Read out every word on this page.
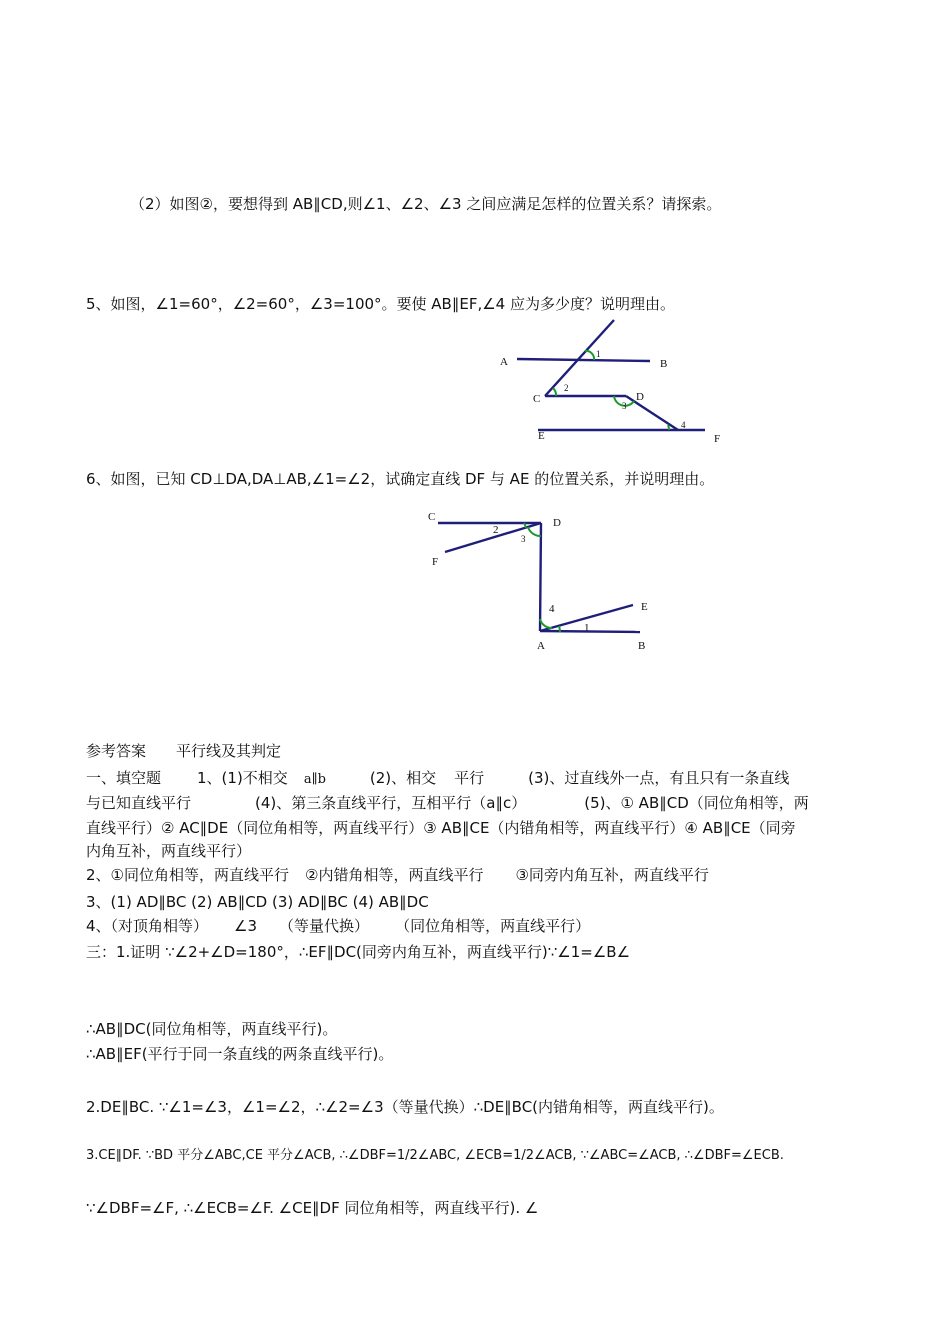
（2）如图②，要想得到 AB∥CD,则∠1、∠2、∠3 之间应满足怎样的位置关系？请探索。
5、如图，∠1=60°，∠2=60°，∠3=100°。要使 AB∥EF,∠4 应为多少度？说明理由。
A	B
C	D
E	F
1
2
3
4
6、如图，已知 CD⊥DA,DA⊥AB,∠1=∠2，试确定直线 DF 与 AE 的位置关系，并说明理由。
C	D
F
E
A	B
2
3
4
1
参考答案 平行线及其判定
一、填空题 1、(1)不相交 a∥b	(2)、相交 平行	(3)、过直线外一点，有且只有一条直线
与已知直线平行	(4)、第三条直线平行，互相平行（a∥c）	(5)、① AB∥CD（同位角相等，两
直线平行）② AC∥DE（同位角相等，两直线平行）③ AB∥CE（内错角相等，两直线平行）④ AB∥CE（同旁
内角互补，两直线平行）
2、①同位角相等，两直线平行 ②内错角相等，两直线平行 ③同旁内角互补，两直线平行
3、(1) AD∥BC (2) AB∥CD (3) AD∥BC (4) AB∥DC
4、（对顶角相等） ∠3 （等量代换） （同位角相等，两直线平行）
三：1.证明 ∵∠2+∠D=180°，∴EF∥DC(同旁内角互补，两直线平行)∵∠1=∠B∠
∴AB∥DC(同位角相等，两直线平行)。
∴AB∥EF(平行于同一条直线的两条直线平行)。
2.DE∥BC. ∵∠1=∠3，∠1=∠2，∴∠2=∠3（等量代换）∴DE∥BC(内错角相等，两直线平行)。
3.CE∥DF. ∵BD 平分∠ABC,CE 平分∠ACB, ∴∠DBF=1/2∠ABC, ∠ECB=1/2∠ACB, ∵∠ABC=∠ACB, ∴∠DBF=∠ECB.
∵∠DBF=∠F, ∴∠ECB=∠F. ∠CE∥DF 同位角相等，两直线平行). ∠
